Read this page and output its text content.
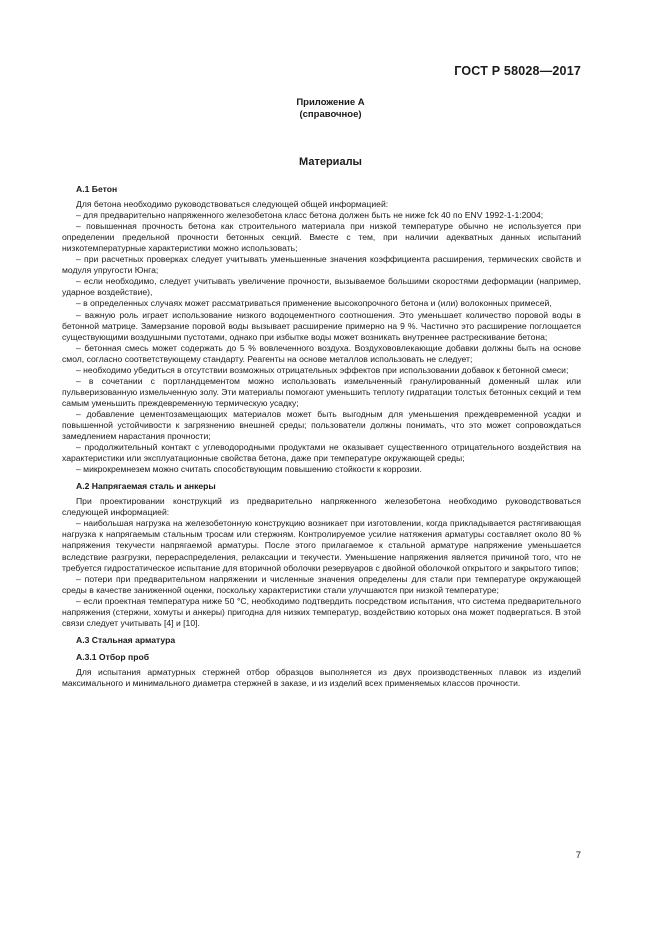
ГОСТ Р 58028—2017
Приложение А
(справочное)
Материалы
А.1 Бетон

Для бетона необходимо руководствоваться следующей общей информацией:

– для предварительно напряженного железобетона класс бетона должен быть не ниже fck 40 по ENV 1992-1-1:2004;

– повышенная прочность бетона как строительного материала при низкой температуре обычно не используется при определении предельной прочности бетонных секций. Вместе с тем, при наличии адекватных данных испытаний низкотемпературные характеристики можно использовать;

– при расчетных проверках следует учитывать уменьшенные значения коэффициента расширения, термических свойств и модуля упругости Юнга;

– если необходимо, следует учитывать увеличение прочности, вызываемое большими скоростями деформации (например, ударное воздействие),

– в определенных случаях может рассматриваться применение высокопрочного бетона и (или) волоконных примесей,

– важную роль играет использование низкого водоцементного соотношения. Это уменьшает количество поровой воды в бетонной матрице. Замерзание поровой воды вызывает расширение примерно на 9 %. Частично это расширение поглощается существующими воздушными пустотами, однако при избытке воды может возникать внутреннее растрескивание бетона;

– бетонная смесь может содержать до 5 % вовлеченного воздуха. Воздухововлекающие добавки должны быть на основе смол, согласно соответствующему стандарту. Реагенты на основе металлов использовать не следует;

– необходимо убедиться в отсутствии возможных отрицательных эффектов при использовании добавок к бетонной смеси;

– в сочетании с портландцементом можно использовать измельченный гранулированный доменный шлак или пульверизованную измельченную золу. Эти материалы помогают уменьшить теплоту гидратации толстых бетонных секций и тем самым уменьшить преждевременную термическую усадку;

– добавление цементозамещающих материалов может быть выгодным для уменьшения преждевременной усадки и повышенной устойчивости к загрязнению внешней среды; пользователи должны понимать, что это может сопровождаться замедлением нарастания прочности;

– продолжительный контакт с углеводородными продуктами не оказывает существенного отрицательного воздействия на характеристики или эксплуатационные свойства бетона, даже при температуре окружающей среды;

– микрокремнезем можно считать способствующим повышению стойкости к коррозии.

А.2 Напрягаемая сталь и анкеры

При проектировании конструкций из предварительно напряженного железобетона необходимо руководствоваться следующей информацией:

– наибольшая нагрузка на железобетонную конструкцию возникает при изготовлении, когда прикладывается растягивающая нагрузка к напрягаемым стальным тросам или стержням. Контролируемое усилие натяжения арматуры составляет около 80 % напряжения текучести напрягаемой арматуры. После этого прилагаемое к стальной арматуре напряжение уменьшается вследствие разгрузки, перераспределения, релаксации и текучести. Уменьшение напряжения является причиной того, что не требуется гидростатическое испытание для вторичной оболочки резервуаров с двойной оболочкой открытого и закрытого типов;

– потери при предварительном напряжении и численные значения определены для стали при температуре окружающей среды в качестве заниженной оценки, поскольку характеристики стали улучшаются при низкой температуре;

– если проектная температура ниже 50 °С, необходимо подтвердить посредством испытания, что система предварительного напряжения (стержни, хомуты и анкеры) пригодна для низких температур, воздействию которых она может подвергаться. В этой связи следует учитывать [4] и [10].

А.3 Стальная арматура
А.3.1 Отбор проб

Для испытания арматурных стержней отбор образцов выполняется из двух производственных плавок из изделий максимального и минимального диаметра стержней в заказе, и из изделий всех применяемых классов прочности.

7
